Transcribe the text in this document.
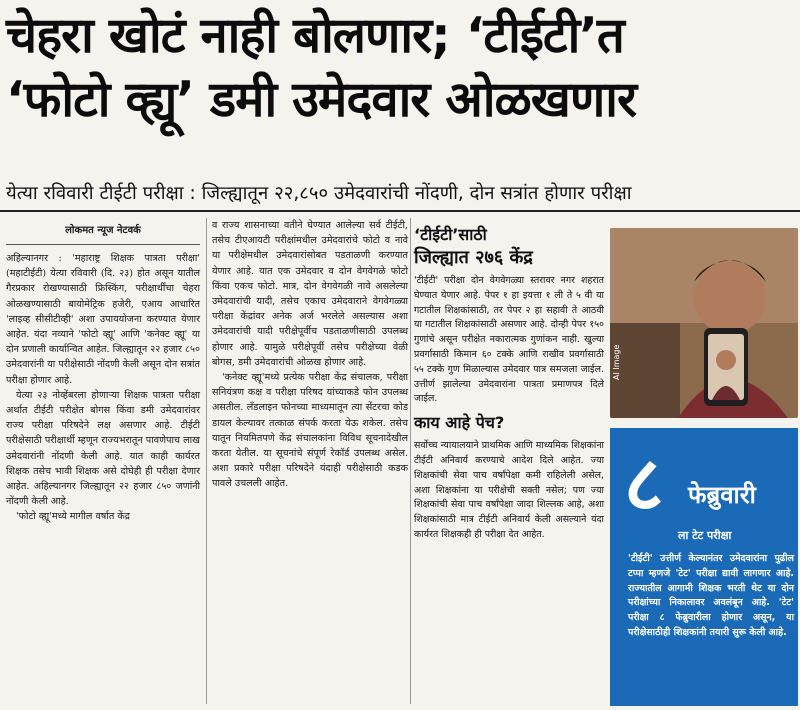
चेहरा खोटं नाही बोलणार; ‘टीईटी’त
‘फोटो व्ह्यू’ डमी उमेदवार ओळखणार
येत्या रविवारी टीईटी परीक्षा : जिल्ह्यातून २२,८५० उमेदवारांची नोंदणी, दोन सत्रांत होणार परीक्षा
लोकमत न्यूज नेटवर्क

अहिल्यानगर : 'महाराष्ट्र शिक्षक पात्रता परीक्षा' (महाटीईटी) येत्या रविवारी (दि. २३) होत असून यातील गैरप्रकार रोखण्यासाठी फ्रिस्किंग, परीक्षार्थींचा चेहरा ओळखण्यासाठी बायोमेट्रिक हजेरी, एआय आधारित 'लाइव्ह सीसीटीव्ही' अशा उपाययोजना करण्यात येणार आहेत. यंदा नव्याने 'फोटो व्ह्यू' आणि 'कनेक्ट व्ह्यू' या दोन प्रणाली कार्यान्वित आहेत. जिल्ह्यातून २२ हजार ८५० उमेदवारांनी या परीक्षेसाठी नोंदणी केली असून दोन सत्रांत परीक्षा होणार आहे.

येत्या २३ नोव्हेंबरला होणाऱ्या शिक्षक पात्रता परीक्षा अर्थात टीईटी परीक्षेत बोगस किंवा डमी उमेदवारांवर राज्य परीक्षा परिषदेने लक्ष असणार आहे. टीईटी परीक्षेसाठी परीक्षार्थी म्हणून राज्यभरातून पावणेपाच लाख उमेदवारांनी नोंदणी केली आहे. यात काही कार्यरत शिक्षक तसेच भावी शिक्षक असे दोघेही ही परीक्षा देणार आहेत. अहिल्यानगर जिल्ह्यातून २२ हजार ८५० जणांनी नोंदणी केली आहे.

'फोटो व्ह्यू'मध्ये मागील वर्षात केंद्र

व राज्य शासनाच्या वतीने घेण्यात आलेल्या सर्व टीईटी, तसेच टीएआयटी परीक्षांमधील उमेदवारांचे फोटो व नावे या परीक्षेमधील उमेदवारांसोबत पडताळणी करण्यात येणार आहे. यात एक उमेदवार व दोन वेगवेगळे फोटो किंवा एकच फोटो. मात्र, दोन वेगवेगळी नावे असलेल्या उमेदवारांची यादी, तसेच एकाच उमेदवाराने वेगवेगळ्या परीक्षा केंद्रांवर अनेक अर्ज भरलेले असल्यास अशा उमेदवारांची यादी परीक्षेपूर्वीच पडताळणीसाठी उपलब्ध होणार आहे. यामुळे परीक्षेपूर्वी तसेच परीक्षेच्या वेळी बोगस, डमी उमेदवारांची ओळख होणार आहे.

'कनेक्ट व्ह्यू'मध्ये प्रत्येक परीक्षा केंद्र संचालक, परीक्षा सनियंत्रण कक्ष व परीक्षा परिषद यांच्याकडे फोन उपलब्ध असतील. लँडलाइन फोनच्या माध्यमातून त्या सेंटरचा कोड डायल केल्यावर तत्काळ संपर्क करता येऊ शकेल. तसेच यातून नियमितपणे केंद्र संचालकांना विविध सूचनादेखील करता येतील. या सूचनांचे संपूर्ण रेकॉर्ड उपलब्ध असेल. अशा प्रकारे परीक्षा परिषदेने यंदाही परीक्षेसाठी कडक पावले उचलली आहेत.

‘टीईटी’साठी
जिल्ह्यात २७६ केंद्र
'टीईटी' परीक्षा दोन वेगवेगळ्या स्तरावर नगर शहरात घेण्यात येणार आहे. पेपर १ हा इयत्ता १ ली ते ५ वी या गटातील शिक्षकांसाठी, तर पेपर २ हा सहावी ते आठवी या गटातील शिक्षकांसाठी असणार आहे. दोन्ही पेपर १५० गुणांचे असून परीक्षेत नकारात्मक गुणांकन नाही. खुल्या प्रवर्गासाठी किमान ६० टक्के आणि राखीव प्रवर्गासाठी ५५ टक्के गुण मिळाल्यास उमेदवार पात्र समजला जाईल. उत्तीर्ण झालेल्या उमेदवारांना पात्रता प्रमाणपत्र दिले जाईल.
काय आहे पेच?
सर्वोच्च न्यायालयाने प्राथमिक आणि माध्यमिक शिक्षकांना टीईटी अनिवार्य करण्याचे आदेश दिले आहेत. ज्या शिक्षकांची सेवा पाच वर्षांपेक्षा कमी राहिलेली असेल, अशा शिक्षकांना या परीक्षेची सक्ती नसेल; पण ज्या शिक्षकांची सेवा पाच वर्षांपेक्षा जादा शिल्लक आहे, अशा शिक्षकांसाठी मात्र टीईटी अनिवार्य केली असल्याने यंदा कार्यरत शिक्षकही ही परीक्षा देत आहेत.
AI Image
८ फेब्रुवारी
ला टेट परीक्षा
'टीईटी' उत्तीर्ण केल्यानंतर उमेदवारांना पुढील टप्पा म्हणजे 'टेट' परीक्षा द्यावी लागणार आहे. राज्यातील आगामी शिक्षक भरती थेट या दोन परीक्षांच्या निकालावर अवलंबून आहे. 'टेट' परीक्षा ८ फेब्रुवारीला होणार असून, या परीक्षेसाठीही शिक्षकांनी तयारी सुरू केली आहे.
